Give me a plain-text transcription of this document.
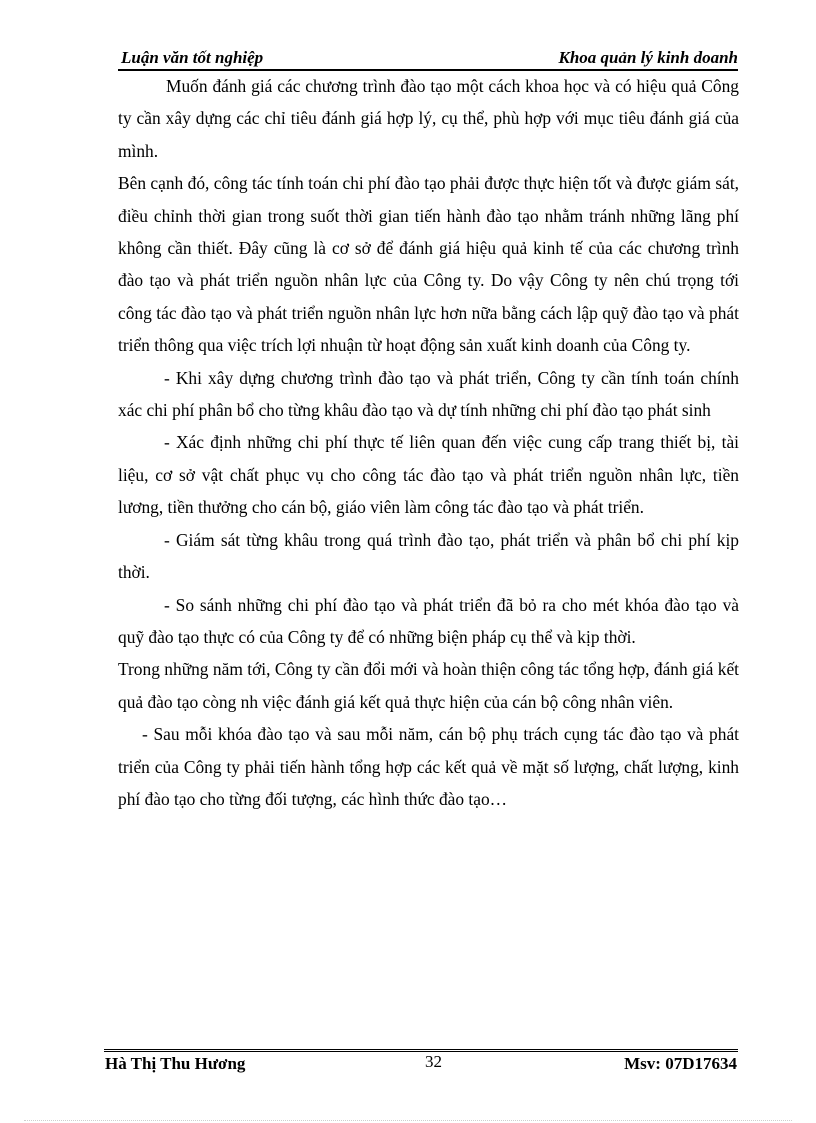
Luận văn tốt nghiệp	Khoa quản lý kinh doanh

Muốn đánh giá các chương trình đào tạo một cách khoa học và có hiệu quả Công ty cần xây dựng các chỉ tiêu đánh giá hợp lý, cụ thể, phù hợp với mục tiêu đánh giá của mình.

Bên cạnh đó, công tác tính toán chi phí đào tạo phải được thực hiện tốt và được giám sát, điều chỉnh thời gian trong suốt thời gian tiến hành đào tạo nhằm tránh những lãng phí không cần thiết. Đây cũng là cơ sở để đánh giá hiệu quả kinh tế của các chương trình đào tạo và phát triển nguồn nhân lực của Công ty. Do vậy Công ty nên chú trọng tới công tác đào tạo và phát triển nguồn nhân lực hơn nữa bằng cách lập quỹ đào tạo và phát triển thông qua việc trích lợi nhuận từ hoạt động sản xuất kinh doanh của Công ty.

- Khi xây dựng chương trình đào tạo và phát triển, Công ty cần tính toán chính xác chi phí phân bổ cho từng khâu đào tạo và dự tính những chi phí đào tạo phát sinh

- Xác định những chi phí thực tế liên quan đến việc cung cấp trang thiết bị, tài liệu, cơ sở vật chất phục vụ cho công tác đào tạo và phát triển nguồn nhân lực, tiền lương, tiền thưởng cho cán bộ, giáo viên làm công tác đào tạo và phát triển.

- Giám sát từng khâu trong quá trình đào tạo, phát triển và phân bổ chi phí kịp thời.

- So sánh những chi phí đào tạo và phát triển đã bỏ ra cho mét khóa đào tạo và quỹ đào tạo thực có của Công ty để có những biện pháp cụ thể và kịp thời.

Trong những năm tới, Công ty cần đổi mới và hoàn thiện công tác tổng hợp, đánh giá kết quả đào tạo còng nh việc đánh giá kết quả thực hiện của cán bộ công nhân viên.

- Sau mỗi khóa đào tạo và sau mỗi năm, cán bộ phụ trách cụng tác đào tạo và phát triển của Công ty phải tiến hành tổng hợp các kết quả về mặt số lượng, chất lượng, kinh phí đào tạo cho từng đối tượng, các hình thức đào tạo…

Hà Thị Thu Hương	32	Msv: 07D17634
